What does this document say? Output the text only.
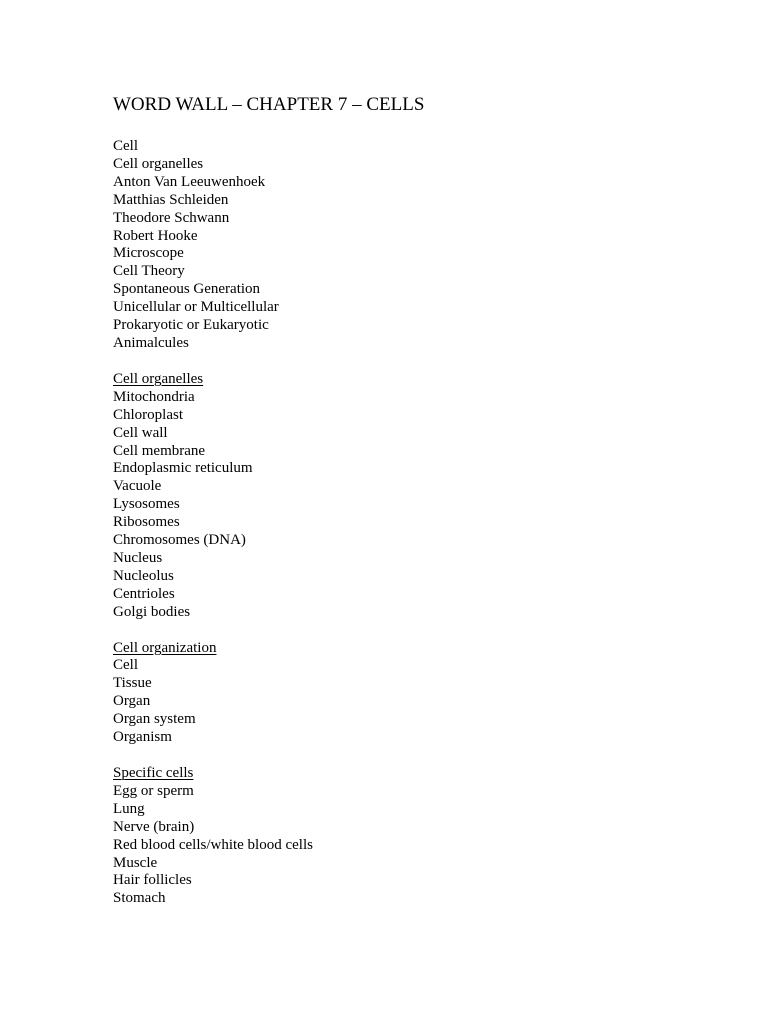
WORD WALL – CHAPTER 7 – CELLS
Cell
Cell organelles
Anton Van Leeuwenhoek
Matthias Schleiden
Theodore Schwann
Robert Hooke
Microscope
Cell Theory
Spontaneous Generation
Unicellular or Multicellular
Prokaryotic or Eukaryotic
Animalcules
Cell organelles
Mitochondria
Chloroplast
Cell wall
Cell membrane
Endoplasmic reticulum
Vacuole
Lysosomes
Ribosomes
Chromosomes (DNA)
Nucleus
Nucleolus
Centrioles
Golgi bodies
Cell organization
Cell
Tissue
Organ
Organ system
Organism
Specific cells
Egg or sperm
Lung
Nerve (brain)
Red blood cells/white blood cells
Muscle
Hair follicles
Stomach
